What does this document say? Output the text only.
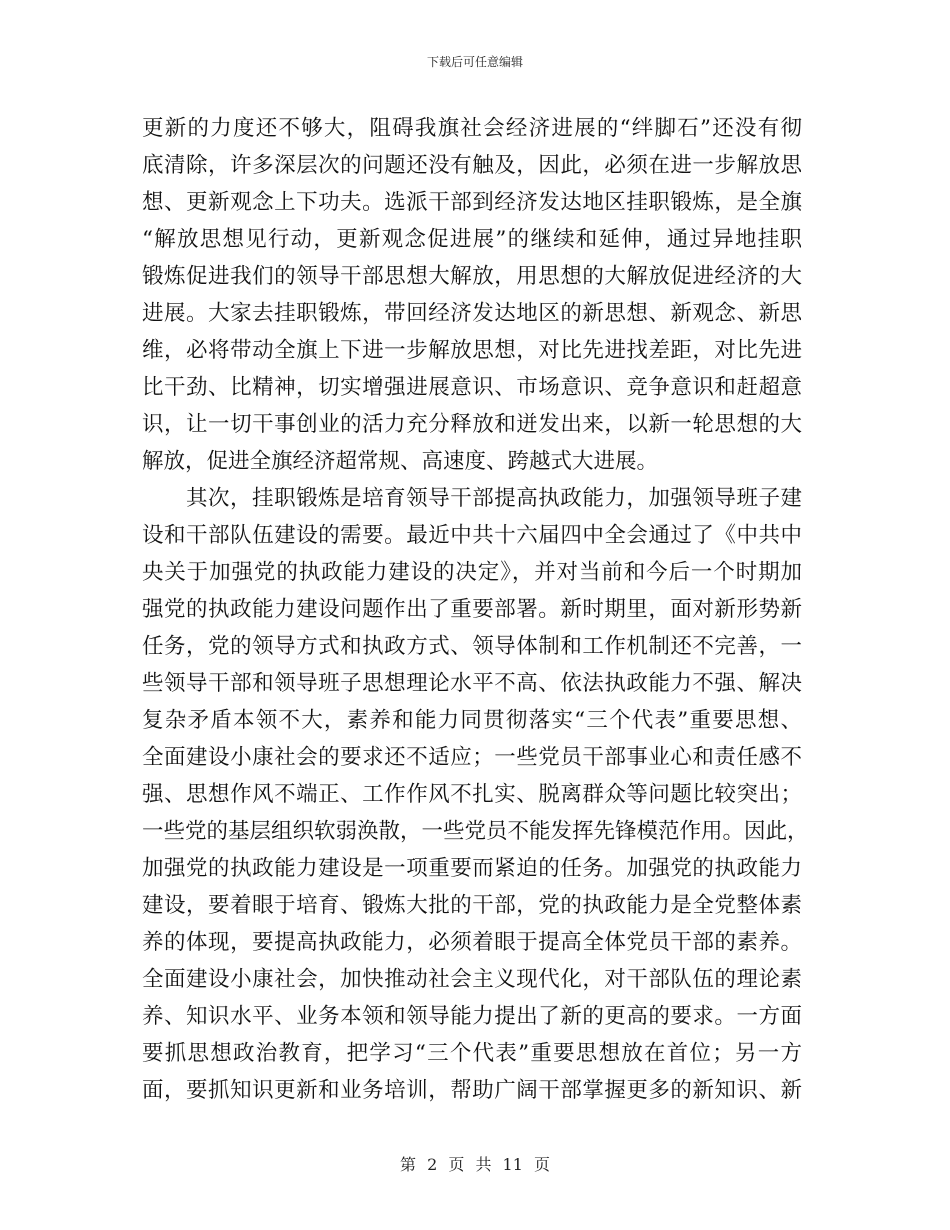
下载后可任意编辑
更新的力度还不够大，阻碍我旗社会经济进展的“绊脚石”还没有彻
底清除，许多深层次的问题还没有触及，因此，必须在进一步解放思
想、更新观念上下功夫。选派干部到经济发达地区挂职锻炼，是全旗
“解放思想见行动，更新观念促进展”的继续和延伸，通过异地挂职
锻炼促进我们的领导干部思想大解放，用思想的大解放促进经济的大
进展。大家去挂职锻炼，带回经济发达地区的新思想、新观念、新思
维，必将带动全旗上下进一步解放思想，对比先进找差距，对比先进
比干劲、比精神，切实增强进展意识、市场意识、竞争意识和赶超意
识，让一切干事创业的活力充分释放和迸发出来，以新一轮思想的大
解放，促进全旗经济超常规、高速度、跨越式大进展。
其次，挂职锻炼是培育领导干部提高执政能力，加强领导班子建
设和干部队伍建设的需要。最近中共十六届四中全会通过了《中共中
央关于加强党的执政能力建设的决定》，并对当前和今后一个时期加
强党的执政能力建设问题作出了重要部署。新时期里，面对新形势新
任务，党的领导方式和执政方式、领导体制和工作机制还不完善，一
些领导干部和领导班子思想理论水平不高、依法执政能力不强、解决
复杂矛盾本领不大，素养和能力同贯彻落实“三个代表”重要思想、
全面建设小康社会的要求还不适应；一些党员干部事业心和责任感不
强、思想作风不端正、工作作风不扎实、脱离群众等问题比较突出；
一些党的基层组织软弱涣散，一些党员不能发挥先锋模范作用。因此，
加强党的执政能力建设是一项重要而紧迫的任务。加强党的执政能力
建设，要着眼于培育、锻炼大批的干部，党的执政能力是全党整体素
养的体现，要提高执政能力，必须着眼于提高全体党员干部的素养。
全面建设小康社会，加快推动社会主义现代化，对干部队伍的理论素
养、知识水平、业务本领和领导能力提出了新的更高的要求。一方面
要抓思想政治教育，把学习“三个代表”重要思想放在首位；另一方
面，要抓知识更新和业务培训，帮助广阔干部掌握更多的新知识、新
第 2 页 共 11 页
